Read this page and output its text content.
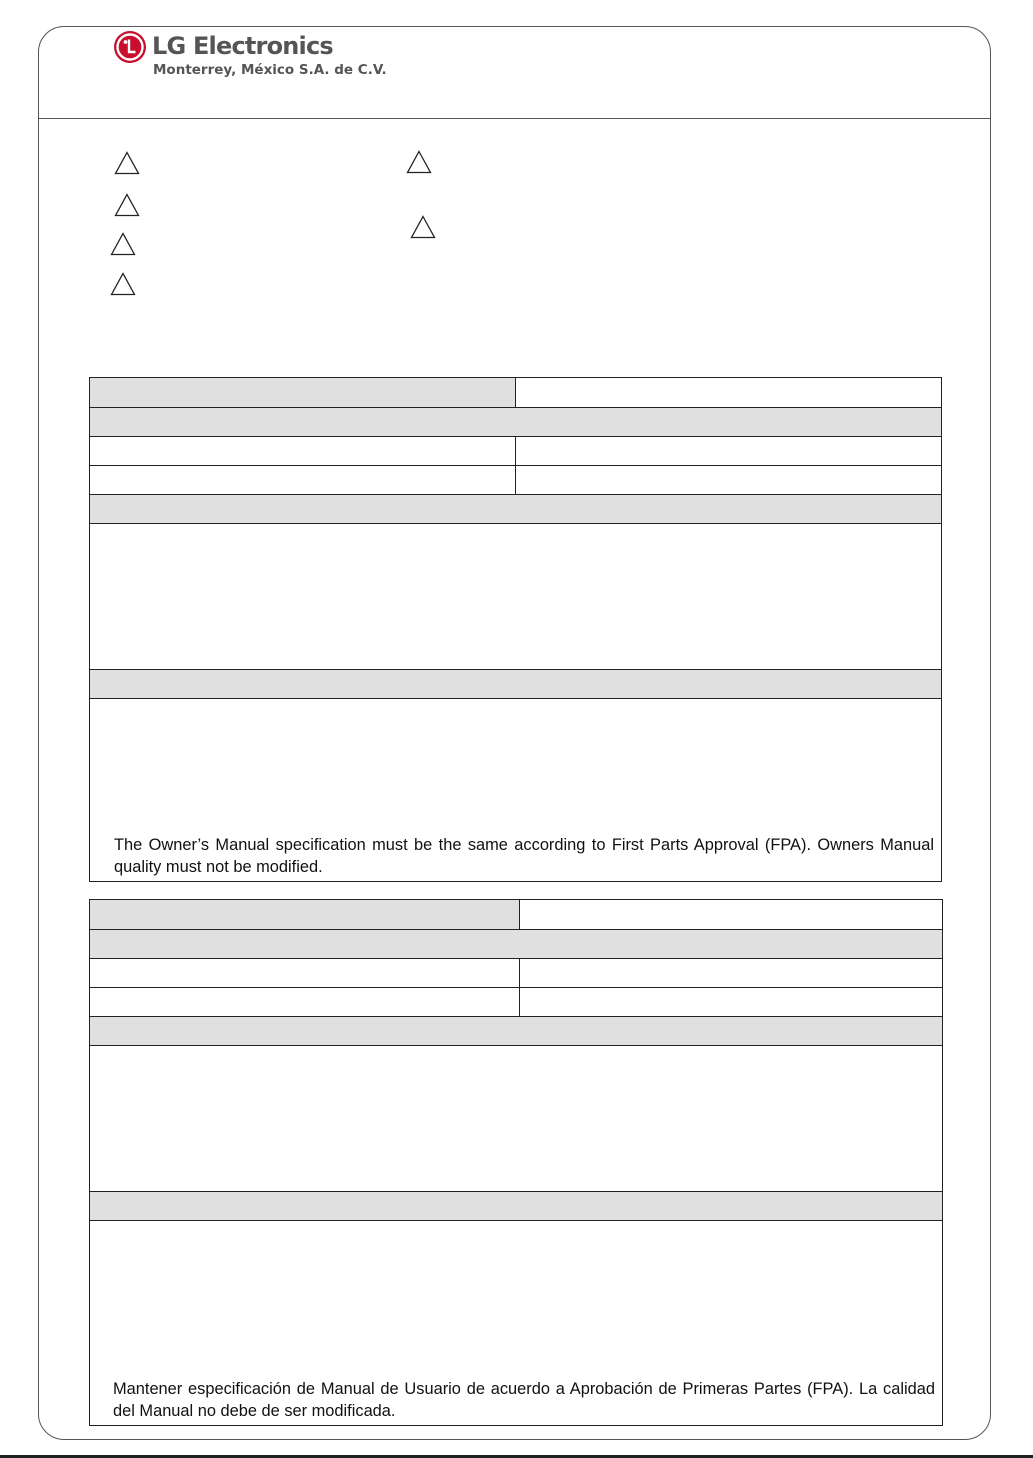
LG Electronics
Monterrey, México S.A. de C.V.
The Owner’s Manual specification must be the same according to First Parts Approval (FPA). Owners Manual quality must not be modified.
Mantener especificación de Manual de Usuario de acuerdo a Aprobación de Primeras Partes (FPA). La calidad del Manual no debe de ser modificada.
